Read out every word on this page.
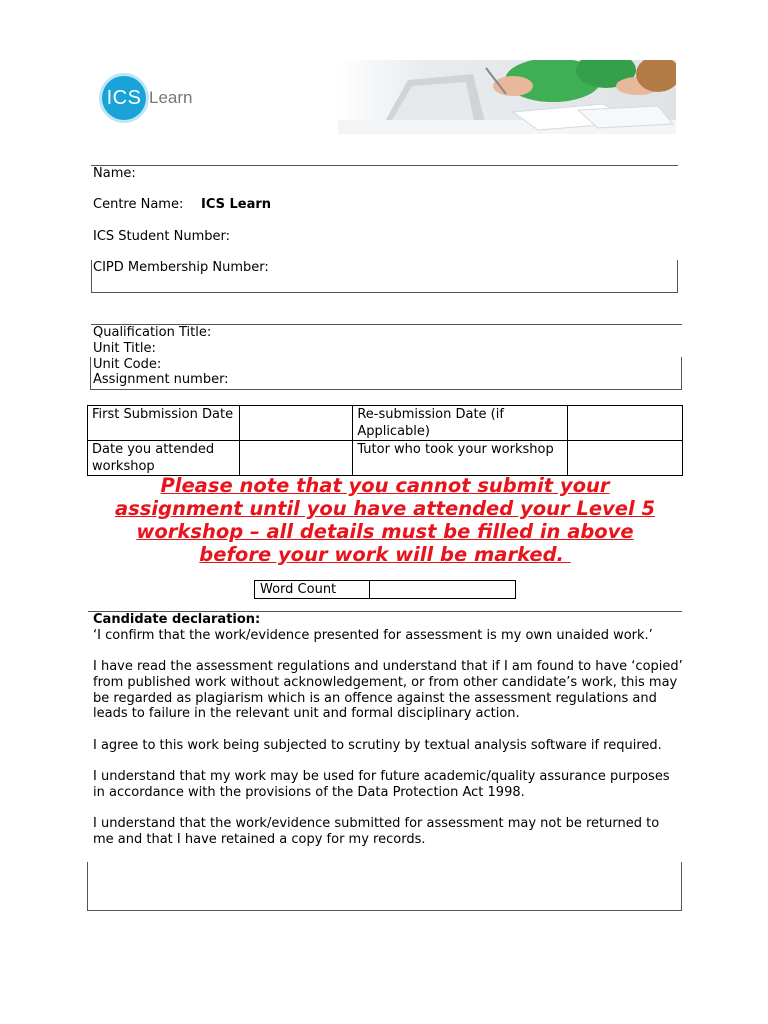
ICS Learn
Name:
Centre Name: ICS Learn
ICS Student Number:
CIPD Membership Number:
Qualification Title:
Unit Title:
Unit Code:
Assignment number:
First Submission Date		Re-submission Date (if Applicable)	
Date you attended workshop		Tutor who took your workshop	
Please note that you cannot submit your
assignment until you have attended your Level 5
workshop – all details must be filled in above
before your work will be marked.
Word Count	
Candidate declaration:

‘I confirm that the work/evidence presented for assessment is my own unaided work.’

I have read the assessment regulations and understand that if I am found to have ‘copied’ from published work without acknowledgement, or from other candidate’s work, this may be regarded as plagiarism which is an offence against the assessment regulations and leads to failure in the relevant unit and formal disciplinary action.

I agree to this work being subjected to scrutiny by textual analysis software if required.

I understand that my work may be used for future academic/quality assurance purposes in accordance with the provisions of the Data Protection Act 1998.

I understand that the work/evidence submitted for assessment may not be returned to me and that I have retained a copy for my records.
